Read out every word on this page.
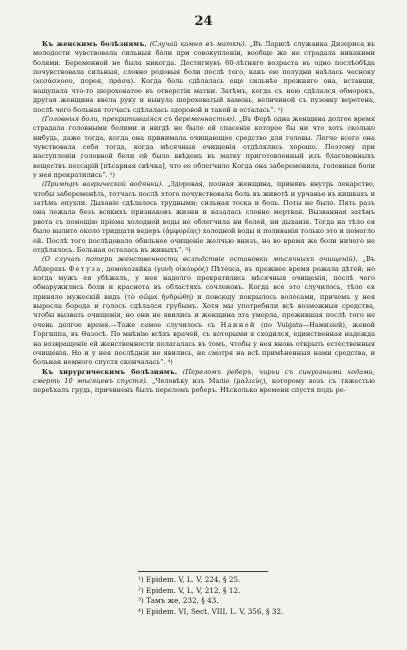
24

Къ женскимъ болѣзнямъ. (Случай камня въ маткѣ). „Въ Ларисѣ служанка Дизериса въ молодости чувствовала сильныя боли при совокупленіи, вообще же не страдала никакими болями. Беременной не была никогда. Достигнувъ 60-лѣтняго возраста въ одно послѣобѣда почувствовала сильныя, словно родовыя боли послѣ того, какъ ею полудни наѣлась чесноку (ϰεσάσϰοου, порея, πράσα). Когда боль сдѣлалась еще сильнѣе прежняго она, вставши, нащупала что-то шероховатое въ отверстіи матки. Затѣмъ, когда съ нею сдѣлался обморокъ, другая женщина ввела руку и вынула шероховатый камень, величиной съ пузовку веретена, послѣ чего больная тотчасъ сдѣлалась здоровой и такой и осталась“. ¹)

(Головныя боли, прекратившіяся съ беременностью). „Въ Ферѣ одна женщина долгое время страдала головными болями и нигдѣ не было ей спасенія которое бы ни что хоть сколько нибудь, даже тогда, когда она принимала очищающее средство для головы. Легче всего она чувствовала себя тогда, когда мѣсячныя очищенія отдѣлялись хорошо. Поэтому при наступленіи головной боли ей было ввѣденъ въ матку приготовленный изъ благовонныхъ веществъ пессарій [пѣсарная свѣчка], что ее облегчило Когда она забеременила, головныя боли у нея прекратились“. ²)

(Примѣръ вагрической водянки). „Здоровая, полная женщина, принявъ внутрь лекарство, чтобы забеременѣть, тотчасъ послѣ этого почувствовала боль въ животѣ и урчанье въ кишкахъ и затѣмъ опухли. Дыханіе сдѣлалось трудными; сильная тоска и боль. Поты не было. Пять разъ она лежала безъ всякихъ признаковъ жизни и казалась словно мертвая. Вызванная затѣмъ рвота съ помощію пріема холодной воды не облегчила ни болей, ни дыханія. Тогда на тѣло ея было вылито около тридцати ведеръ (ἀμφορέας) холодной воды и поливанія только это и помогло ей. Послѣ того послѣдовало обильное очищеніе желчью внизъ, но во время же боли ничего не отдѣлялось. Больная осталась въ живыхъ“. ³)

(О случаѣ потери женственности вслѣдствіе остановки мѣсячныхъ очищеній). „Въ Абдерахъ Фетуза, домохозяйка (γυνὴ οἰκουρὸς) Пѣтеаса, въ прежнее время рожала дѣтей; но когда мужъ ея убѣжалъ, у нея надолго прекратились мѣсячныя очищенія, послѣ чего обнаружились боли и краснота въ областяхъ сочленовъ. Когда все это случилось, тѣло ея приняло мужескій видъ (τὸ σῶμα ἠνδρώθη) и повсюду покрылось волосами, причемъ у нея выросла борода и голосъ сдѣлался грубымъ. Хотя мы употребили всѣ возможныя средства, чтобы вызвать очищенія, но они не явились и женщина эта умерла, прожившая послѣ того не очень долгое время.—Тоже самое случилось съ Наиной (по Vulgata—Намизіей), женой Горгиппа, въ Ѳазосѣ. По мнѣнію всѣхъ врачей, съ которыми я сходился, единственная надежда на возвращеніе ей женственности полагалась въ томъ, чтобы у нея вновь открыть естественныя очищенія. Но и у нея послѣднія не явились, не смотря на всѣ примѣненныя нами средства, и больная немного спустя скончалась“. ⁴)

Къ хирургическимъ болѣзнямъ. (Переломъ реберъ, чирьи съ синуозными ходами, смерть 10 мѣсяцевъ спустя). „Человѣку изъ Маліо (μαλιεύς), которому возъ съ тяжестью переѣхалъ грудь, причиненъ былъ переломъ реберъ. Нѣсколько времени спустя подъ ре-

¹) Epidem. V, L. V, 224, § 25.
²) Epidem. V, L. V, 212, § 12.
³) Тамъ же, 232, § 43.
⁴) Epidem. VI, Sect. VIII, L. V, 356, § 32.
